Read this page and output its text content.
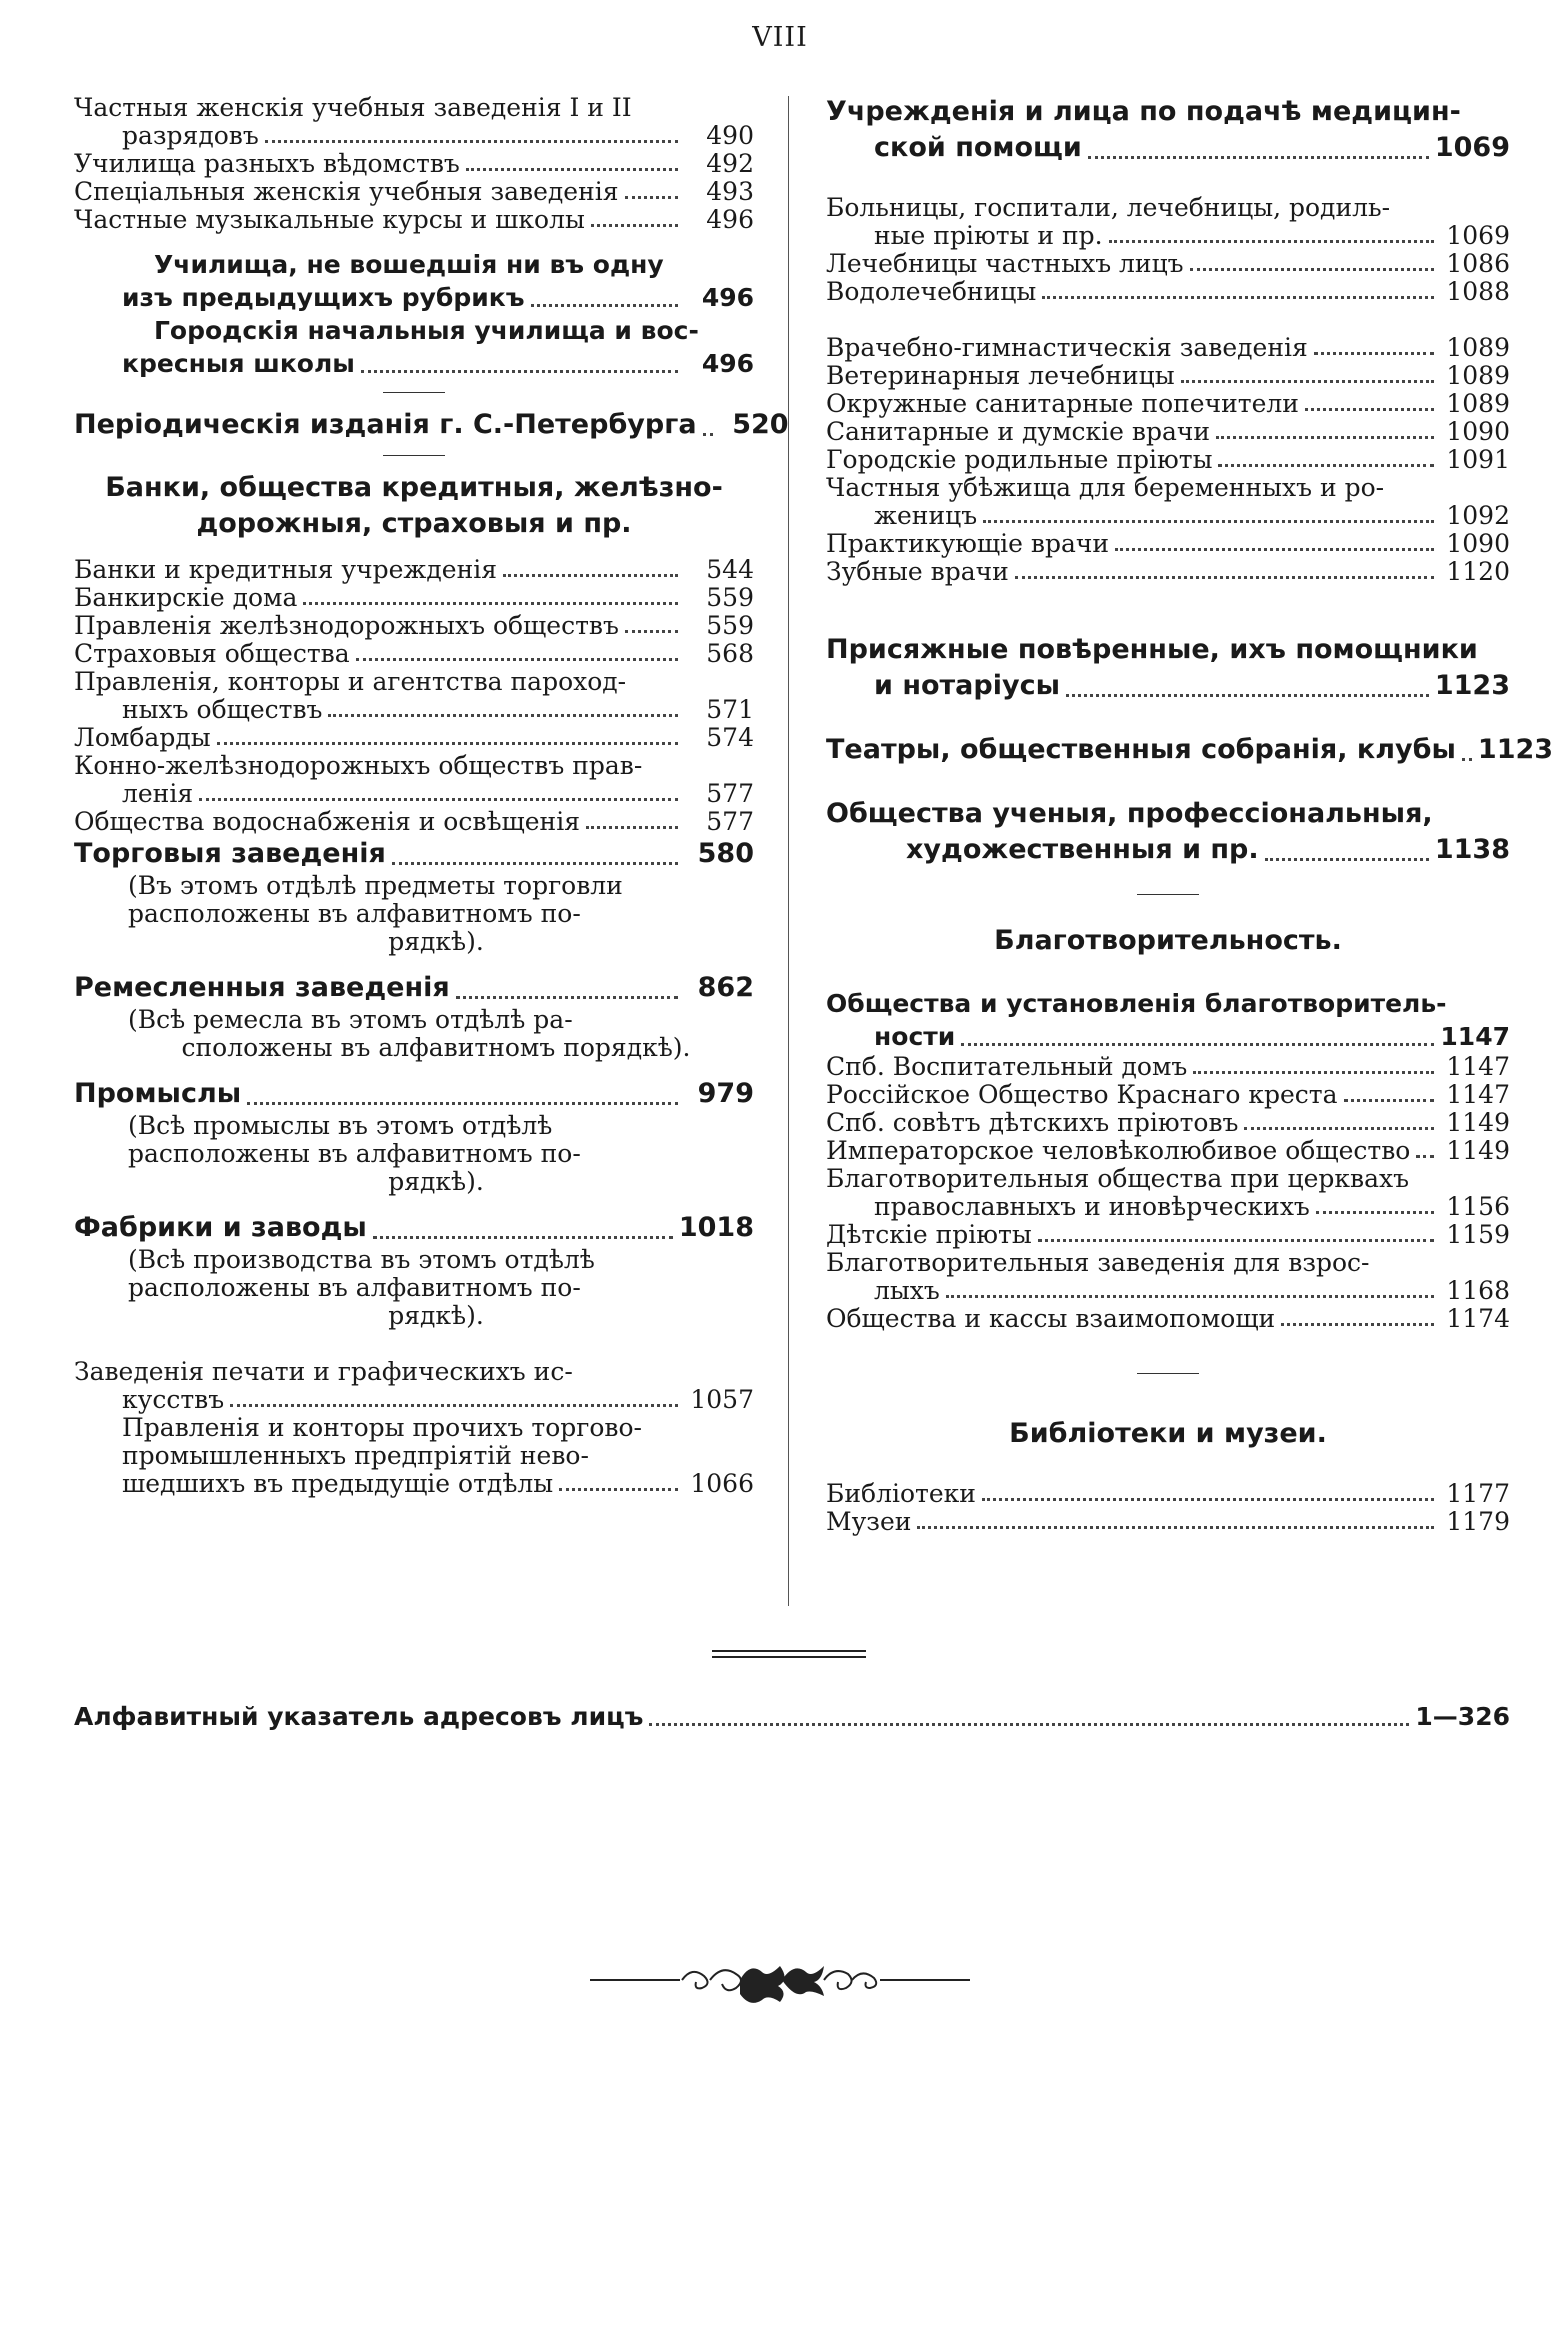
VIII
Частныя женскія учебныя заведенія I и II
разрядовъ	490
Училища разныхъ вѣдомствъ	492
Спеціальныя женскія учебныя заведенія	493
Частные музыкальные курсы и школы	496
Училища, не вошедшія ни въ одну
изъ предыдущихъ рубрикъ	496
Городскія начальныя училища и вос-
кресныя школы	496
Періодическія изданія г. С.-Петербурга	520
Банки, общества кредитныя, желѣзно-
дорожныя, страховыя и пр.
Банки и кредитныя учрежденія	544
Банкирскіе дома	559
Правленія желѣзнодорожныхъ обществъ	559
Страховыя общества	568
Правленія, конторы и агентства пароход-
ныхъ обществъ	571
Ломбарды	574
Конно-желѣзнодорожныхъ обществъ прав-
ленія	577
Общества водоснабженія и освѣщенія	577
Торговыя заведенія	580
(Въ этомъ отдѣлѣ предметы торговли
расположены въ алфавитномъ по-
рядкѣ).
Ремесленныя заведенія	862
(Всѣ ремесла въ этомъ отдѣлѣ ра-
сположены въ алфавитномъ порядкѣ).
Промыслы	979
(Всѣ промыслы въ этомъ отдѣлѣ
расположены въ алфавитномъ по-
рядкѣ).
Фабрики и заводы	1018
(Всѣ производства въ этомъ отдѣлѣ
расположены въ алфавитномъ по-
рядкѣ).
Заведенія печати и графическихъ ис-
кусствъ	1057
Правленія и конторы прочихъ торгово-
промышленныхъ предпріятій невo-
шедшихъ въ предыдущіе отдѣлы	1066
Учрежденія и лица по подачѣ медицин-
ской помощи	1069
Больницы, госпитали, лечебницы, родиль-
ные пріюты и пр.	1069
Лечебницы частныхъ лицъ	1086
Водолечебницы	1088
Врачебно-гимнастическія заведенія	1089
Ветеринарныя лечебницы	1089
Окружные санитарные попечители	1089
Санитарные и думскіе врачи	1090
Городскіе родильные пріюты	1091
Частныя убѣжища для беременныхъ и ро-
женицъ	1092
Практикующіе врачи	1090
Зубные врачи	1120
Присяжные повѣренные, ихъ помощники
и нотаріусы	1123
Театры, общественныя собранія, клубы 1123
Общества ученыя, профессіональныя,
художественныя и пр.	1138
Благотворительность.
Общества и установленія благотворитель-
ности	1147
Спб. Воспитательный домъ	1147
Россійское Общество Краснаго креста	1147
Спб. совѣтъ дѣтскихъ пріютовъ	1149
Императорское человѣколюбивое общество 1149
Благотворительныя общества при церквахъ
православныхъ и иновѣрческихъ	1156
Дѣтскіе пріюты	1159
Благотворительныя заведенія для взрос-
лыхъ	1168
Общества и кассы взаимопомощи	1174
Библіотеки и музеи.
Библіотеки	1177
Музеи	1179
Алфавитный указатель адресовъ лицъ	1—326
